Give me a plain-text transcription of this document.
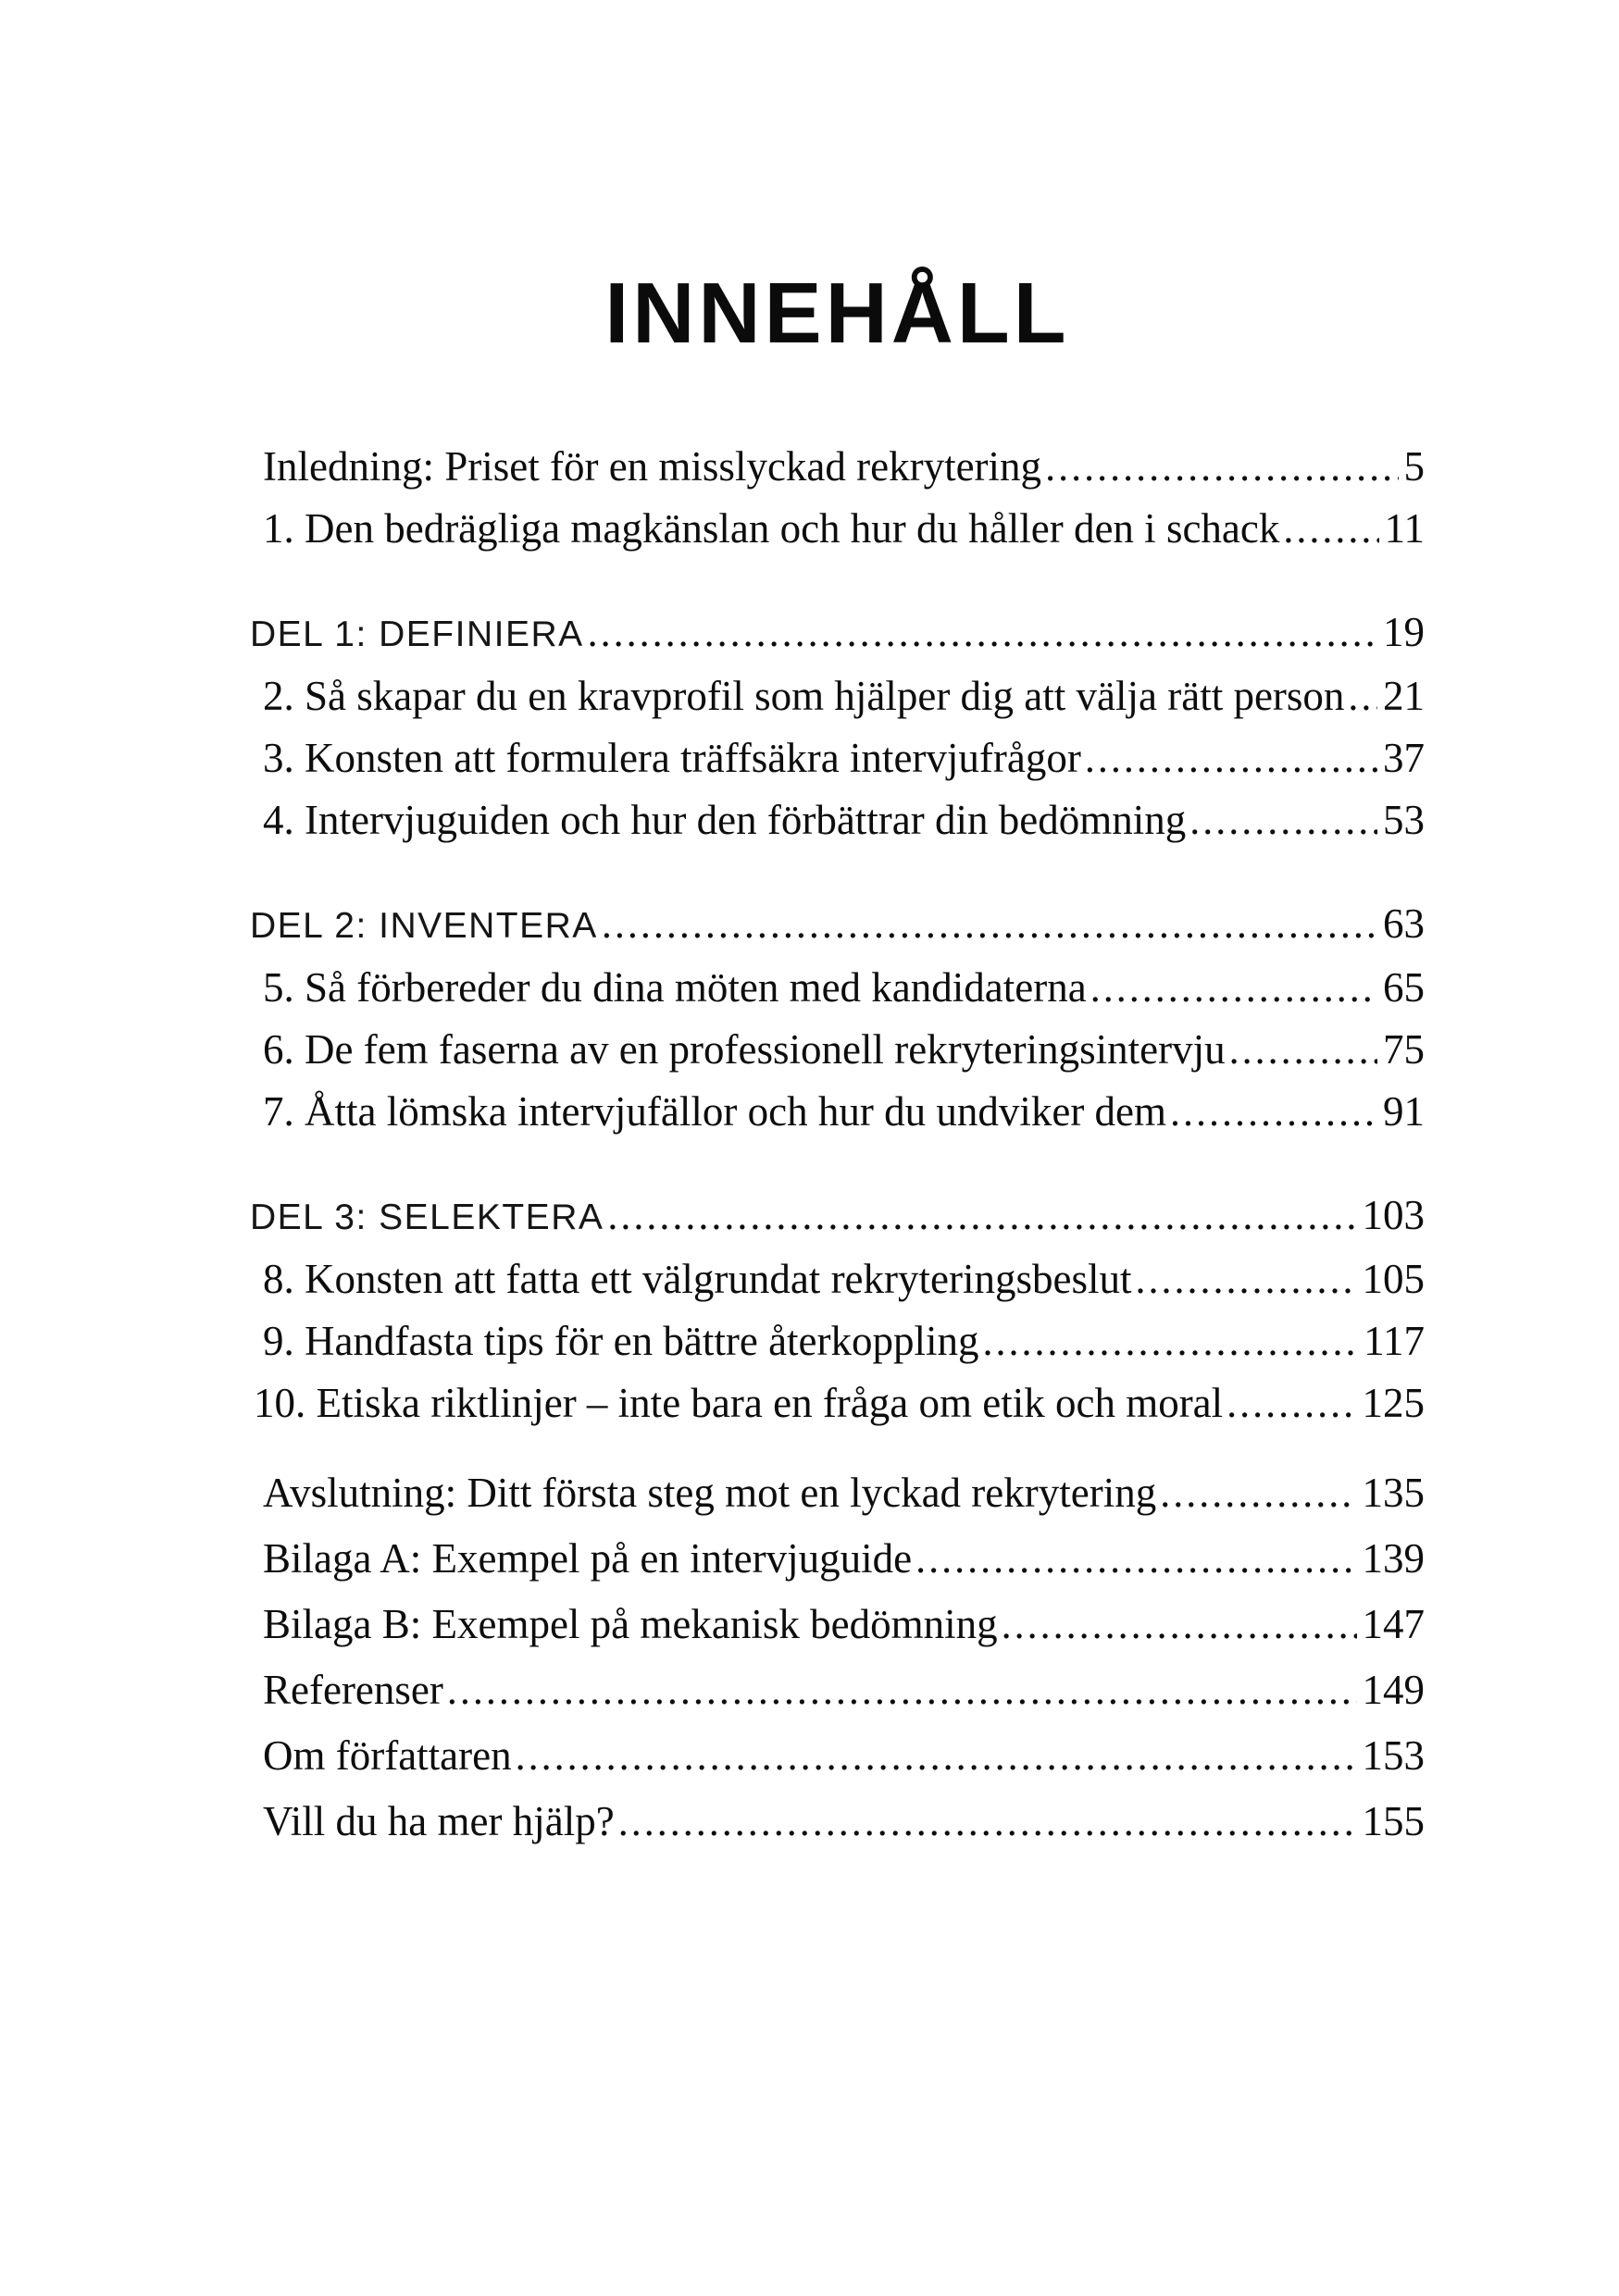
INNEHÅLL
Inledning: Priset för en misslyckad rekrytering .....	5
1. Den bedrägliga magkänslan och hur du håller den i schack .....	11
DEL 1: DEFINIERA .....	19
2. Så skapar du en kravprofil som hjälper dig att välja rätt person ..... 21
3. Konsten att formulera träffsäkra intervjufrågor .....	37
4. Intervjuguiden och hur den förbättrar din bedömning .....	53
DEL 2: INVENTERA .....	63
5. Så förbereder du dina möten med kandidaterna .....	65
6. De fem faserna av en professionell rekryteringsintervju .....	75
7. Åtta lömska intervjufällor och hur du undviker dem .....	91
DEL 3: SELEKTERA .....	103
8. Konsten att fatta ett välgrundat rekryteringsbeslut .....	105
9. Handfasta tips för en bättre återkoppling .....	117
10. Etiska riktlinjer – inte bara en fråga om etik och moral .....	125
Avslutning: Ditt första steg mot en lyckad rekrytering .....	135
Bilaga A: Exempel på en intervjuguide .....	139
Bilaga B: Exempel på mekanisk bedömning .....	147
Referenser .....	149
Om författaren .....	153
Vill du ha mer hjälp? .....	155
